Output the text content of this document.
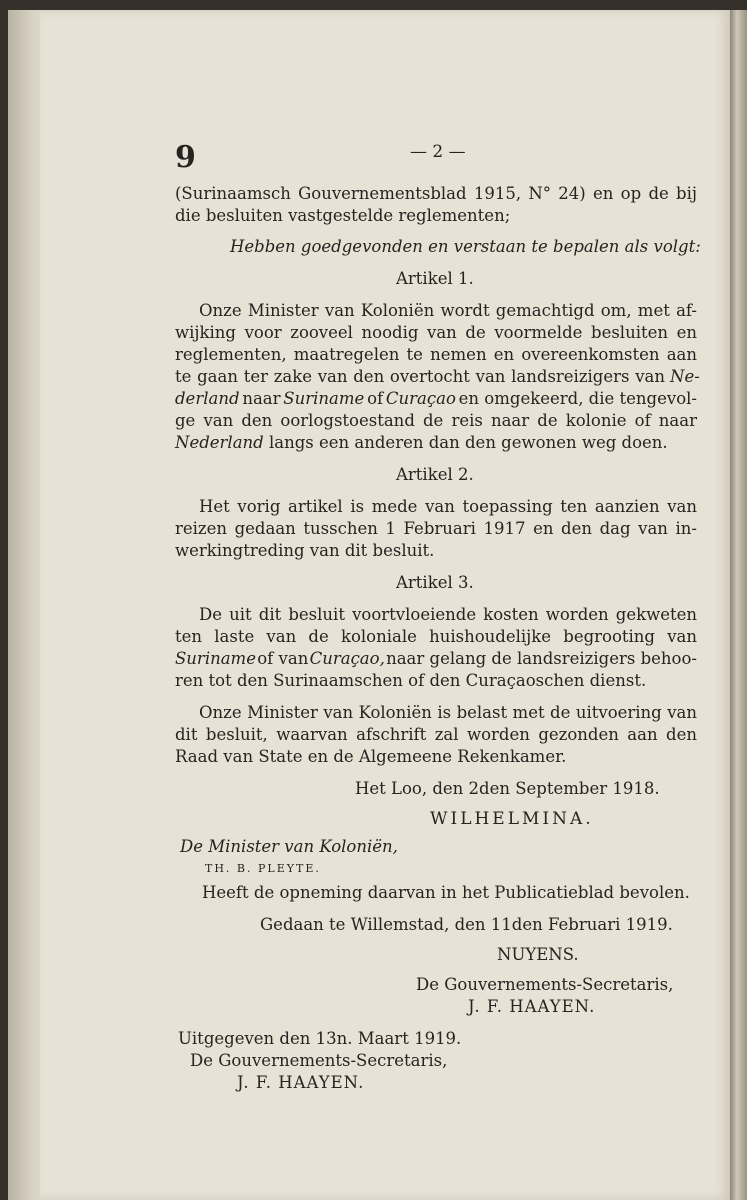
9	— 2 —
(Surinaamsch Gouvernementsblad 1915, N° 24) en op de bij
die besluiten vastgestelde reglementen;
Hebben goedgevonden en verstaan te bepalen als volgt:
Artikel 1.
Onze Minister van Koloniën wordt gemachtigd om, met af-
wijking voor zooveel noodig van de voormelde besluiten en
reglementen, maatregelen te nemen en overeenkomsten aan
te gaan ter zake van den overtocht van landsreizigers van Ne-
derland naar Suriname of Curaçao en omgekeerd, die tengevol-
ge van den oorlogstoestand de reis naar de kolonie of naar
Nederland langs een anderen dan den gewonen weg doen.
Artikel 2.
Het vorig artikel is mede van toepassing ten aanzien van
reizen gedaan tusschen 1 Februari 1917 en den dag van in-
werkingtreding van dit besluit.
Artikel 3.
De uit dit besluit voortvloeiende kosten worden gekweten
ten laste van de koloniale huishoudelijke begrooting van
Suriname of van Curaçao, naar gelang de landsreizigers behoo-
ren tot den Surinaamschen of den Curaçaoschen dienst.
Onze Minister van Koloniën is belast met de uitvoering van
dit besluit, waarvan afschrift zal worden gezonden aan den
Raad van State en de Algemeene Rekenkamer.
Het Loo, den 2den September 1918.
WILHELMINA.
De Minister van Koloniën,
TH. B. PLEYTE.
Heeft de opneming daarvan in het Publicatieblad bevolen.
Gedaan te Willemstad, den 11den Februari 1919.
NUYENS.
De Gouvernements-Secretaris,
J. F. HAAYEN.
Uitgegeven den 13n. Maart 1919.
De Gouvernements-Secretaris,
J. F. HAAYEN.
